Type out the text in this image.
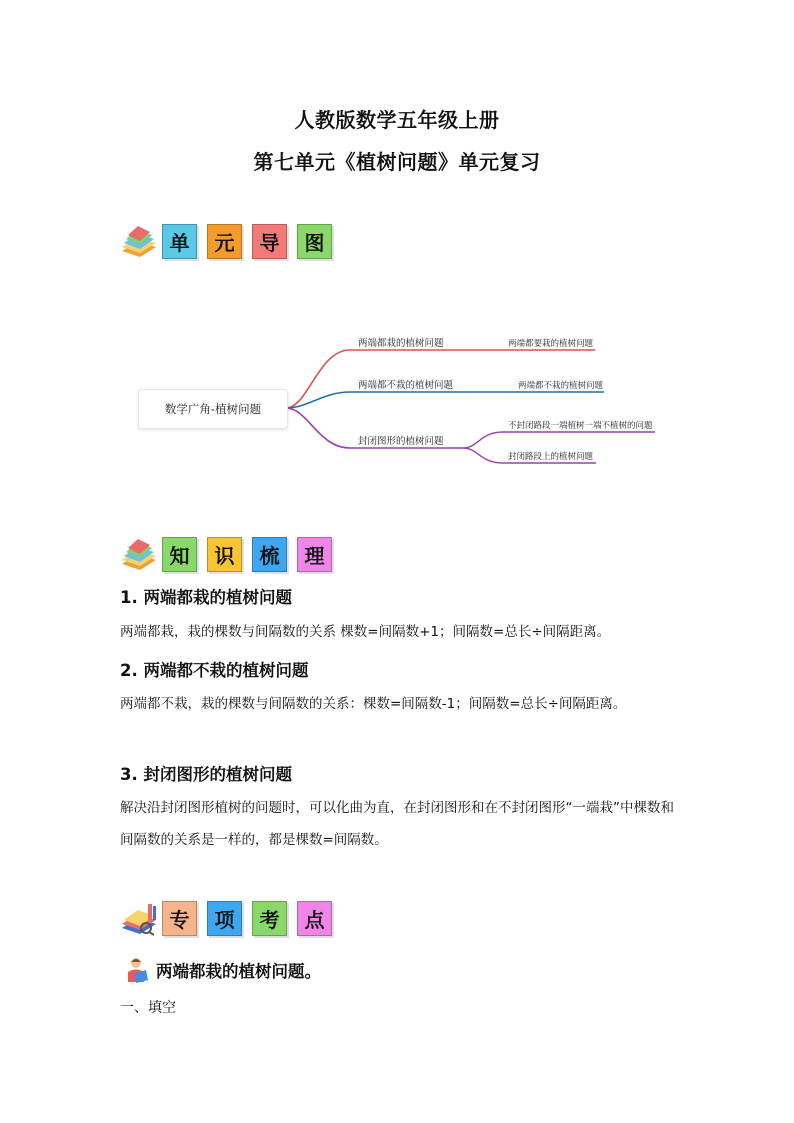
人教版数学五年级上册
第七单元《植树问题》单元复习
单	元	导	图
数学广角-植树问题
两端都栽的植树问题	两端都要栽的植树问题
两端都不栽的植树问题	两端都不栽的植树问题
封闭图形的植树问题
不封闭路段一端植树一端不植树的问题
封闭路段上的植树问题
知	识	梳	理
1. 两端都栽的植树问题
两端都栽，栽的棵数与间隔数的关系 棵数=间隔数+1；间隔数=总长÷间隔距离。
2. 两端都不栽的植树问题
两端都不栽，栽的棵数与间隔数的关系：棵数=间隔数-1；间隔数=总长÷间隔距离。
3. 封闭图形的植树问题
解决沿封闭图形植树的问题时，可以化曲为直，在封闭图形和在不封闭图形“一端栽”中棵数和间隔数的关系是一样的，都是棵数=间隔数。
专	项	考	点
两端都栽的植树问题。
一、填空
